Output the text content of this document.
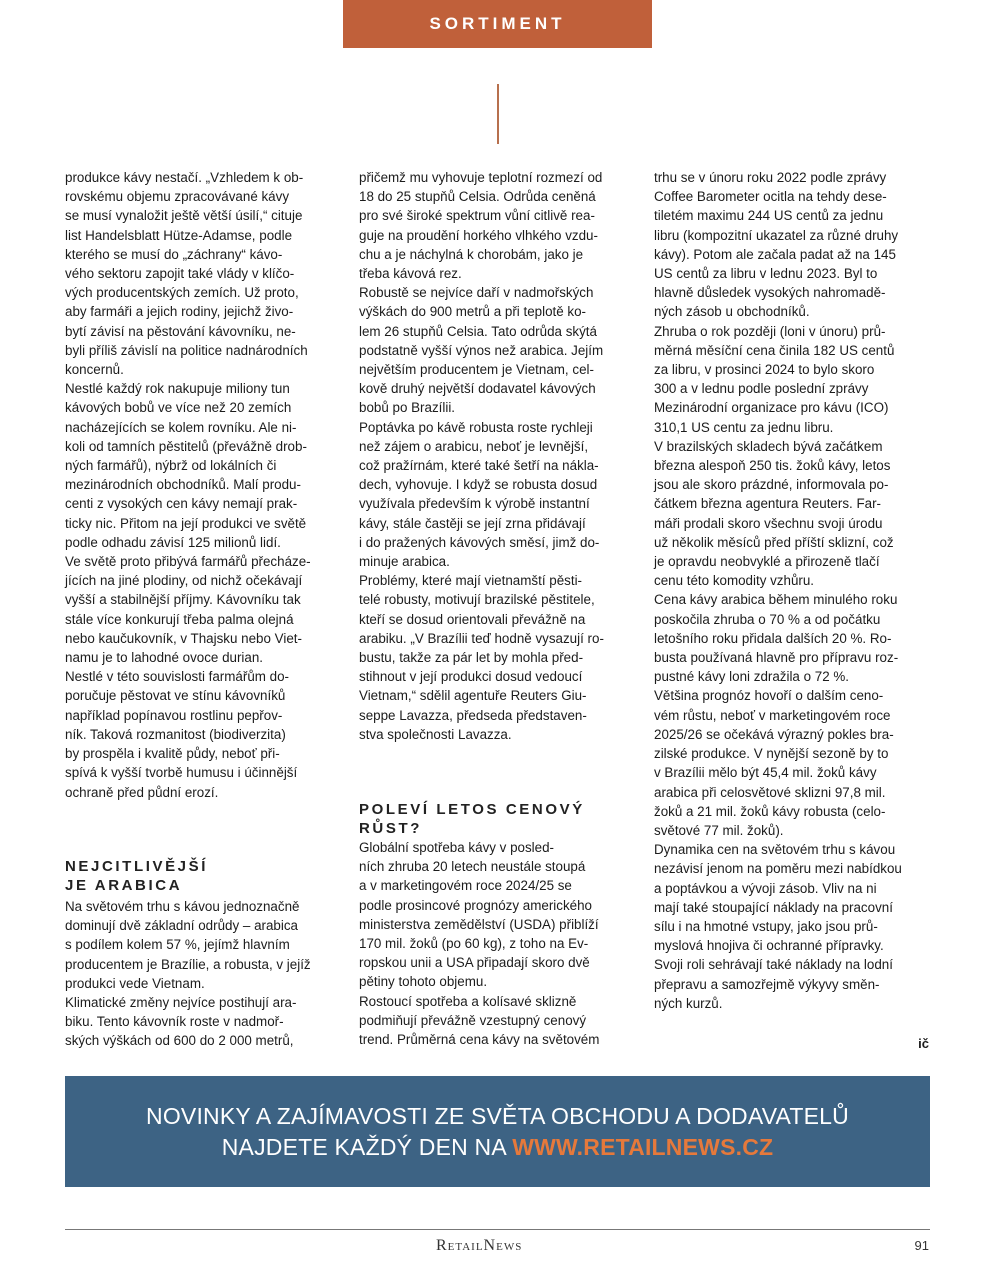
SORTIMENT

produkce kávy nestačí. „Vzhledem k ob-
rovskému objemu zpracovávané kávy
se musí vynaložit ještě větší úsilí,“ cituje
list Handelsblatt Hütze-Adamse, podle
kterého se musí do „záchrany“ kávo-
vého sektoru zapojit také vlády v klíčo-
vých producentských zemích. Už proto,
aby farmáři a jejich rodiny, jejichž živo-
bytí závisí na pěstování kávovníku, ne-
byli příliš závislí na politice nadnárodních
koncernů.

Nestlé každý rok nakupuje miliony tun
kávových bobů ve více než 20 zemích
nacházejících se kolem rovníku. Ale ni-
koli od tamních pěstitelů (převážně drob-
ných farmářů), nýbrž od lokálních či
mezinárodních obchodníků. Malí produ-
centi z vysokých cen kávy nemají prak-
ticky nic. Přitom na její produkci ve světě
podle odhadu závisí 125 milionů lidí.

Ve světě proto přibývá farmářů přecháze-
jících na jiné plodiny, od nichž očekávají
vyšší a stabilnější příjmy. Kávovníku tak
stále více konkurují třeba palma olejná
nebo kaučukovník, v Thajsku nebo Viet-
namu je to lahodné ovoce durian.

Nestlé v této souvislosti farmářům do-
poručuje pěstovat ve stínu kávovníků
například popínavou rostlinu pepřov-
ník. Taková rozmanitost (biodiverzita)
by prospěla i kvalitě půdy, neboť při-
spívá k vyšší tvorbě humusu i účinnější
ochraně před půdní erozí.

NEJCITLIVĚJŠÍ
JE ARABICA

Na světovém trhu s kávou jednoznačně
dominují dvě základní odrůdy – arabica
s podílem kolem 57 %, jejímž hlavním
producentem je Brazílie, a robusta, v jejíž
produkci vede Vietnam.

Klimatické změny nejvíce postihují ara-
biku. Tento kávovník roste v nadmoř-
ských výškách od 600 do 2 000 metrů,

přičemž mu vyhovuje teplotní rozmezí od
18 do 25 stupňů Celsia. Odrůda ceněná
pro své široké spektrum vůní citlivě rea-
guje na proudění horkého vlhkého vzdu-
chu a je náchylná k chorobám, jako je
třeba kávová rez.

Robustě se nejvíce daří v nadmořských
výškách do 900 metrů a při teplotě ko-
lem 26 stupňů Celsia. Tato odrůda skýtá
podstatně vyšší výnos než arabica. Jejím
největším producentem je Vietnam, cel-
kově druhý největší dodavatel kávových
bobů po Brazílii.

Poptávka po kávě robusta roste rychleji
než zájem o arabicu, neboť je levnější,
což pražírnám, které také šetří na nákla-
dech, vyhovuje. I když se robusta dosud
využívala především k výrobě instantní
kávy, stále častěji se její zrna přidávají
i do pražených kávových směsí, jimž do-
minuje arabica.

Problémy, které mají vietnamští pěsti-
telé robusty, motivují brazilské pěstitele,
kteří se dosud orientovali převážně na
arabiku. „V Brazílii teď hodně vysazují ro-
bustu, takže za pár let by mohla před-
stihnout v její produkci dosud vedoucí
Vietnam,“ sdělil agentuře Reuters Giu-
seppe Lavazza, předseda představen-
stva společnosti Lavazza.

POLEVÍ LETOS CENOVÝ
RŮST?

Globální spotřeba kávy v posled-
ních zhruba 20 letech neustále stoupá
a v marketingovém roce 2024/25 se
podle prosincové prognózy amerického
ministerstva zemědělství (USDA) přiblíží
170 mil. žoků (po 60 kg), z toho na Ev-
ropskou unii a USA připadají skoro dvě
pětiny tohoto objemu.

Rostoucí spotřeba a kolísavé sklizně
podmiňují převážně vzestupný cenový
trend. Průměrná cena kávy na světovém

trhu se v únoru roku 2022 podle zprávy
Coffee Barometer ocitla na tehdy dese-
tiletém maximu 244 US centů za jednu
libru (kompozitní ukazatel za různé druhy
kávy). Potom ale začala padat až na 145
US centů za libru v lednu 2023. Byl to
hlavně důsledek vysokých nahromadě-
ných zásob u obchodníků.

Zhruba o rok později (loni v únoru) prů-
měrná měsíční cena činila 182 US centů
za libru, v prosinci 2024 to bylo skoro
300 a v lednu podle poslední zprávy
Mezinárodní organizace pro kávu (ICO)
310,1 US centu za jednu libru.

V brazilských skladech bývá začátkem
března alespoň 250 tis. žoků kávy, letos
jsou ale skoro prázdné, informovala po-
čátkem března agentura Reuters. Far-
máři prodali skoro všechnu svoji úrodu
už několik měsíců před příští sklizní, což
je opravdu neobvyklé a přirozeně tlačí
cenu této komodity vzhůru.

Cena kávy arabica během minulého roku
poskočila zhruba o 70 % a od počátku
letošního roku přidala dalších 20 %. Ro-
busta používaná hlavně pro přípravu roz-
pustné kávy loni zdražila o 72 %.

Většina prognóz hovoří o dalším ceno-
vém růstu, neboť v marketingovém roce
2025/26 se očekává výrazný pokles bra-
zilské produkce. V nynější sezoně by to
v Brazílii mělo být 45,4 mil. žoků kávy
arabica při celosvětové sklizni 97,8 mil.
žoků a 21 mil. žoků kávy robusta (celo-
světové 77 mil. žoků).

Dynamika cen na světovém trhu s kávou
nezávisí jenom na poměru mezi nabídkou
a poptávkou a vývoji zásob. Vliv na ni
mají také stoupající náklady na pracovní
sílu i na hmotné vstupy, jako jsou prů-
myslová hnojiva či ochranné přípravky.
Svoji roli sehrávají také náklady na lodní
přepravu a samozřejmě výkyvy směn-
ných kurzů.

ič
NOVINKY A ZAJÍMAVOSTI ZE SVĚTA OBCHODU A DODAVATELŮ
NAJDETE KAŽDÝ DEN NA WWW.RETAILNEWS.CZ
RetailNews	91
